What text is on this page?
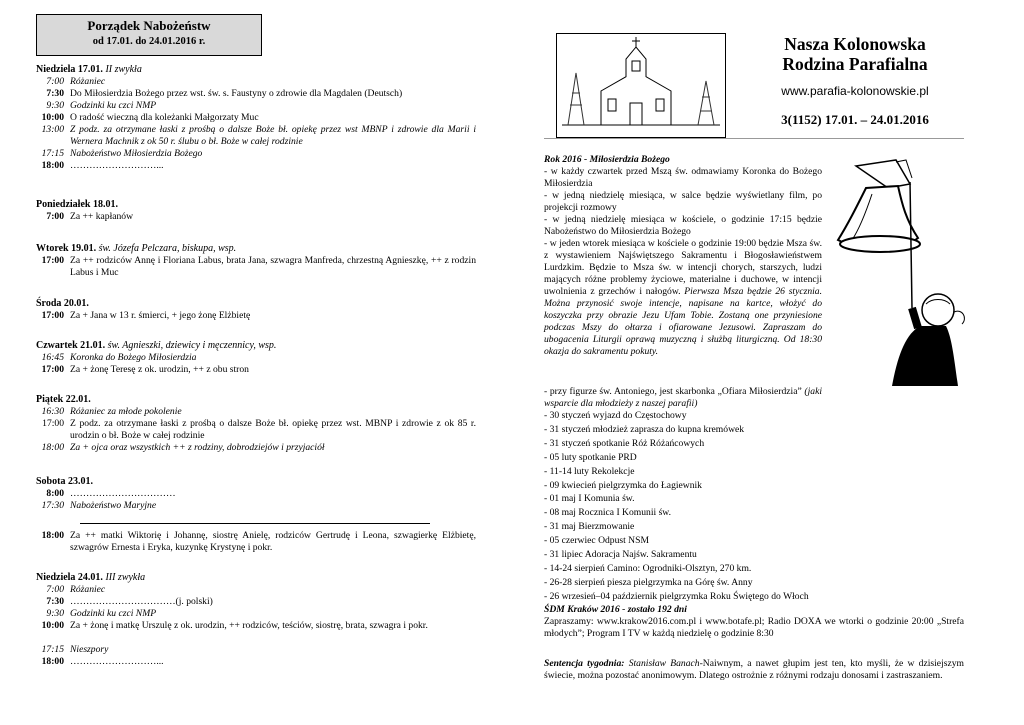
Porządek Nabożeństw
od 17.01. do 24.01.2016 r.
Niedziela 17.01. II zwykła
Poniedziałek 18.01.
Wtorek 19.01. św. Józefa Pelczara, biskupa, wsp.
Środa 20.01.
Czwartek 21.01. św. Agnieszki, dziewicy i męczennicy, wsp.
Piątek 22.01.
Sobota 23.01.
Niedziela 24.01. III zwykła
7:00 Różaniec
7:30 Do Miłosierdzia Bożego przez wst. św. s. Faustyny o zdrowie dla Magdalen (Deutsch)
9:30 Godzinki ku czci NMP
10:00 O radość wieczną dla koleżanki Małgorzaty Muc
13:00 Z podz. za otrzymane łaski z prośbą o dalsze Boże bł. opiekę przez wst MBNP i zdrowie dla Marii i Wernera Machnik z ok 50 r. ślubu o bł. Boże w całej rodzinie
17:15 Nabożeństwo Miłosierdzia Bożego
18:00 ………………………...
7:00 Za ++ kapłanów
17:00 Za ++ rodziców Annę i Floriana Labus, brata Jana, szwagra Manfreda, chrzestną Agnieszkę, ++ z rodzin Labus i Muc
17:00 Za + Jana w 13 r. śmierci, + jego żonę Elżbietę
16:45 Koronka do Bożego Miłosierdzia
17:00 Za + żonę Teresę z ok. urodzin, ++ z obu stron
16:30 Różaniec za młode pokolenie
17:00 Z podz. za otrzymane łaski z prośbą o dalsze Boże bł. opiekę przez wst. MBNP i zdrowie z ok 85 r. urodzin o bł. Boże w całej rodzinie
18:00 Za + ojca oraz wszystkich ++ z rodziny, dobrodziejów i przyjaciół
8:00 ……………………………
17:30 Nabożeństwo Maryjne
18:00 Za ++ matki Wiktorię i Johannę, siostrę Anielę, rodziców Gertrudę i Leona, szwagierkę Elżbietę, szwagrów Ernesta i Eryka, kuzynkę Krystynę i pokr.
7:00 Różaniec
7:30 ……………………………(j. polski)
9:30 Godzinki ku czci NMP
10:00 Za + żonę i matkę Urszulę z ok. urodzin, ++ rodziców, teściów, siostrę, brata, szwagra i pokr.
17:15 Nieszpory
18:00 ………………………...
Nasza Kolonowska
Rodzina Parafialna
www.parafia-kolonowskie.pl
3(1152) 17.01. – 24.01.2016
Rok 2016 - Miłosierdzia Bożego
- w każdy czwartek przed Mszą św. odmawiamy Koronka do Bożego Miłosierdzia
- w jedną niedzielę miesiąca, w salce będzie wyświetlany film, po projekcji rozmowy
- w jedną niedzielę miesiąca w kościele, o godzinie 17:15 będzie Nabożeństwo do Miłosierdzia Bożego
- w jeden wtorek miesiąca w kościele o godzinie 19:00 będzie Msza św. z wystawieniem Najświętszego Sakramentu i Błogosławieństwem Lurdzkim. Będzie to Msza św. w intencji chorych, starszych, ludzi mających różne problemy życiowe, materialne i duchowe, w intencji uwolnienia z grzechów i nałogów. Pierwsza Msza będzie 26 stycznia. Można przynosić swoje intencje, napisane na kartce, włożyć do koszyczka przy obrazie Jezu Ufam Tobie. Zostaną one przyniesione podczas Mszy do ołtarza i ofiarowane Jezusowi. Zapraszam do ubogacenia Liturgii oprawą muzyczną i służbą liturgiczną. Od 18:30 okazja do sakramentu pokuty.
- przy figurze św. Antoniego, jest skarbonka „Ofiara Miłosierdzia” (jaki wsparcie dla młodzieży z naszej parafii)
- 30 styczeń wyjazd do Częstochowy
- 31 styczeń młodzież zaprasza do kupna kremówek
- 31 styczeń spotkanie Róż Różańcowych
- 05 luty spotkanie PRD
- 11-14 luty Rekolekcje
- 09 kwiecień pielgrzymka do Łagiewnik
- 01 maj I Komunia św.
- 08 maj Rocznica I Komunii św.
- 31 maj Bierzmowanie
- 05 czerwiec Odpust NSM
- 31 lipiec Adoracja Najśw. Sakramentu
- 14-24 sierpień Camino: Ogrodniki-Olsztyn, 270 km.
- 26-28 sierpień piesza pielgrzymka na Górę św. Anny
- 26 wrzesień–04 październik pielgrzymka Roku Świętego do Włoch
ŚDM Kraków 2016 - zostało 192 dni
Zapraszamy: www.krakow2016.com.pl i www.botafe.pl; Radio DOXA we wtorki o godzinie 20:00 „Strefa młodych”; Program I TV w każdą niedzielę o godzinie 8:30
Sentencja tygodnia: Stanisław Banach-Naiwnym, a nawet głupim jest ten, kto myśli, że w dzisiejszym świecie, można pozostać anonimowym. Dlatego ostrożnie z różnymi rodzaju donosami i zastraszaniem.
